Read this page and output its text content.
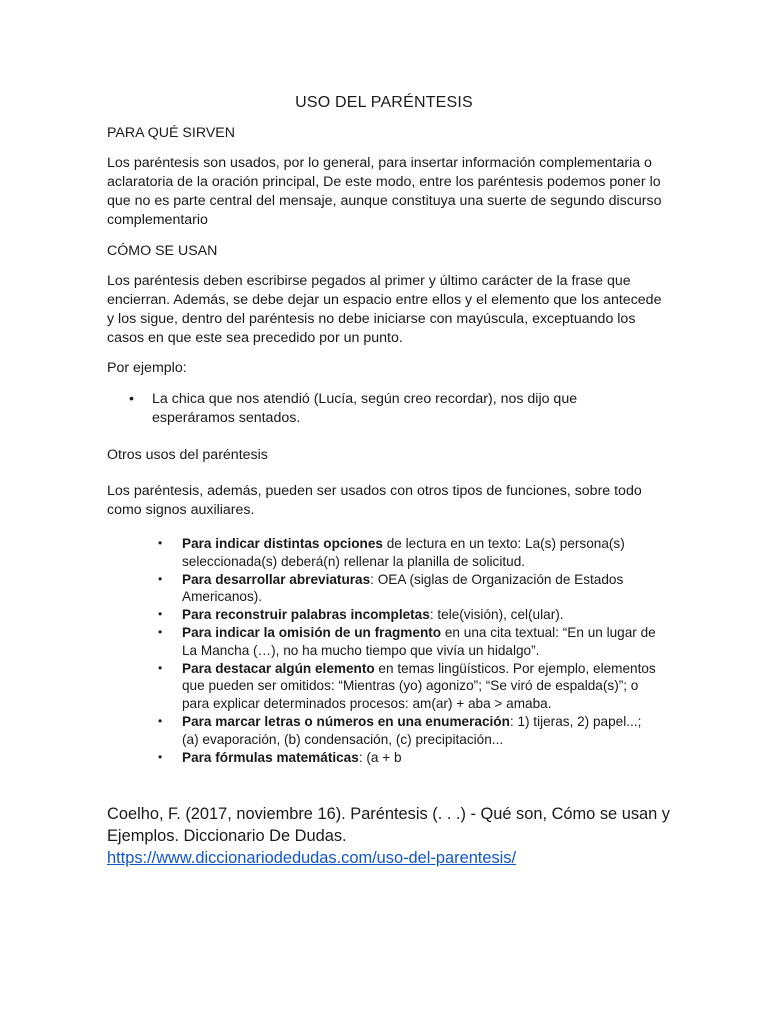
USO DEL PARÉNTESIS

PARA QUÉ SIRVEN

Los paréntesis son usados, por lo general, para insertar información complementaria o aclaratoria de la oración principal, De este modo, entre los paréntesis podemos poner lo que no es parte central del mensaje, aunque constituya una suerte de segundo discurso complementario

CÓMO SE USAN

Los paréntesis deben escribirse pegados al primer y último carácter de la frase que encierran. Además, se debe dejar un espacio entre ellos y el elemento que los antecede y los sigue, dentro del paréntesis no debe iniciarse con mayúscula, exceptuando los casos en que este sea precedido por un punto.

Por ejemplo:

• La chica que nos atendió (Lucía, según creo recordar), nos dijo que esperáramos sentados.

Otros usos del paréntesis

Los paréntesis, además, pueden ser usados con otros tipos de funciones, sobre todo como signos auxiliares.

• Para indicar distintas opciones de lectura en un texto: La(s) persona(s) seleccionada(s) deberá(n) rellenar la planilla de solicitud.
• Para desarrollar abreviaturas: OEA (siglas de Organización de Estados Americanos).
• Para reconstruir palabras incompletas: tele(visión), cel(ular).
• Para indicar la omisión de un fragmento en una cita textual: “En un lugar de La Mancha (…), no ha mucho tiempo que vivía un hidalgo”.
• Para destacar algún elemento en temas lingüísticos. Por ejemplo, elementos que pueden ser omitidos: “Mientras (yo) agonizo”; “Se viró de espalda(s)”; o para explicar determinados procesos: am(ar) + aba > amaba.
• Para marcar letras o números en una enumeración: 1) tijeras, 2) papel...; (a) evaporación, (b) condensación, (c) precipitación...
• Para fórmulas matemáticas: (a + b

Coelho, F. (2017, noviembre 16). Paréntesis (. . .) - Qué son, Cómo se usan y Ejemplos. Diccionario De Dudas.
https://www.diccionariodedudas.com/uso-del-parentesis/
